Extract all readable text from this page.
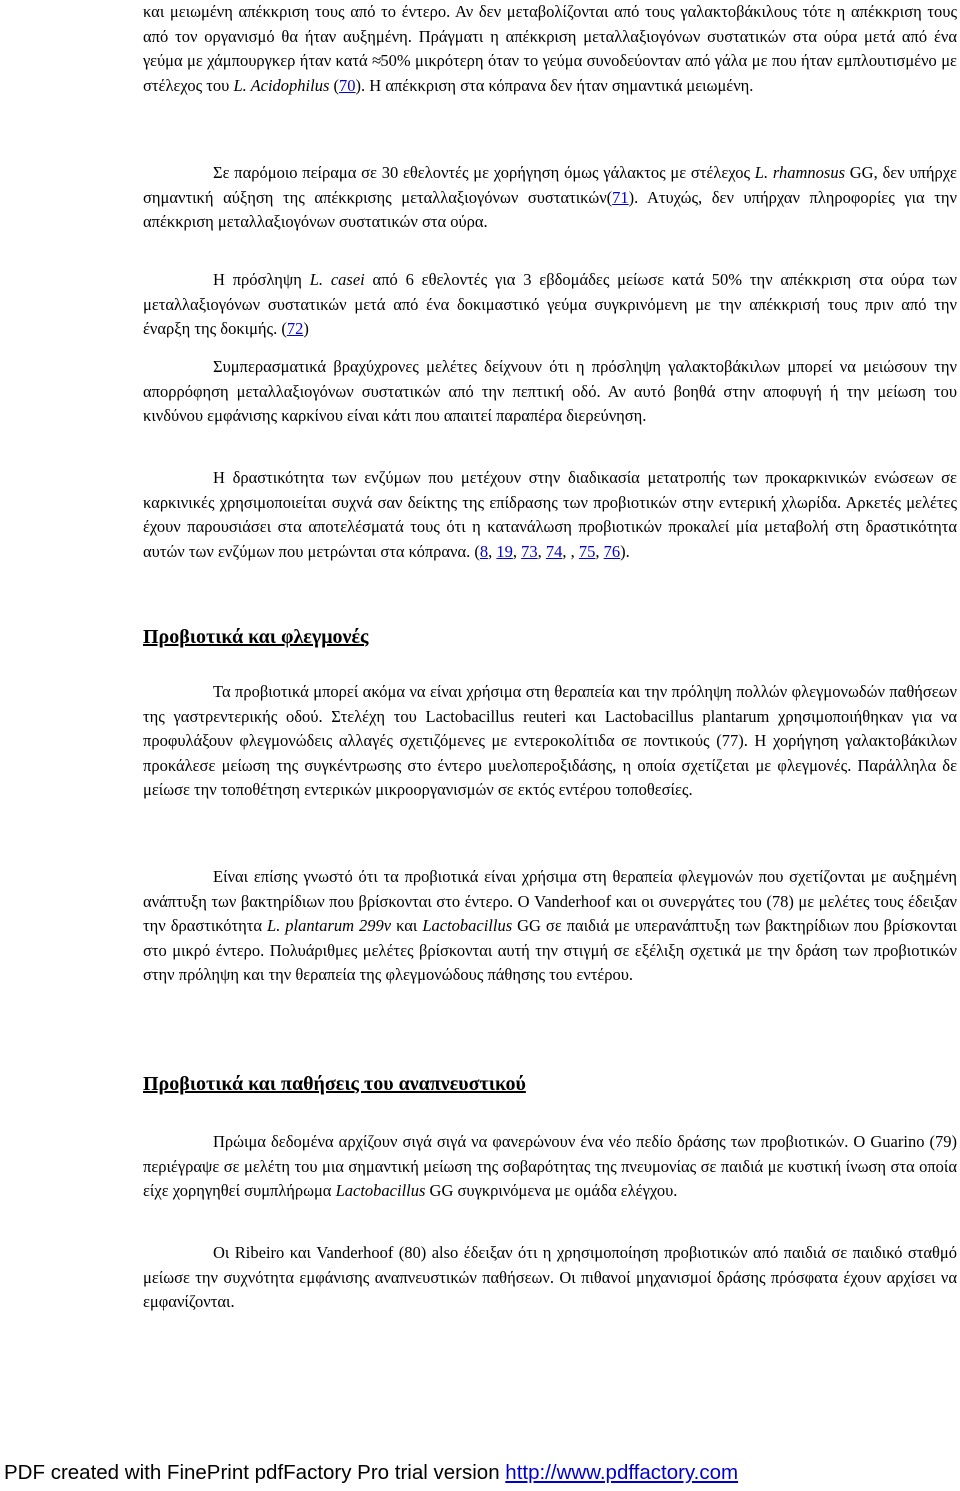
και μειωμένη απέκκριση τους από το έντερο. Αν δεν μεταβολίζονται από τους γαλακτοβάκιλους τότε η απέκκριση τους από τον οργανισμό θα ήταν αυξημένη. Πράγματι η απέκκριση μεταλλαξιογόνων συστατικών στα ούρα μετά από ένα γεύμα με χάμπουργκερ ήταν κατά ≈50% μικρότερη όταν το γεύμα συνοδεύονταν από γάλα με που ήταν εμπλουτισμένο με στέλεχος του L. Acidophilus (70). Η απέκκριση στα κόπρανα δεν ήταν σημαντικά μειωμένη.

Σε παρόμοιο πείραμα σε 30 εθελοντές με χορήγηση όμως γάλακτος με στέλεχος L. rhamnosus GG, δεν υπήρχε σημαντική αύξηση της απέκκρισης μεταλλαξιογόνων συστατικών(71). Ατυχώς, δεν υπήρχαν πληροφορίες για την απέκκριση μεταλλαξιογόνων συστατικών στα ούρα.

Η πρόσληψη L. casei από 6 εθελοντές για 3 εβδομάδες μείωσε κατά 50% την απέκκριση στα ούρα των μεταλλαξιογόνων συστατικών μετά από ένα δοκιμαστικό γεύμα συγκρινόμενη με την απέκκρισή τους πριν από την έναρξη της δοκιμής. (72)

Συμπερασματικά βραχύχρονες μελέτες δείχνουν ότι η πρόσληψη γαλακτοβάκιλων μπορεί να μειώσουν την απορρόφηση μεταλλαξιογόνων συστατικών από την πεπτική οδό. Αν αυτό βοηθά στην αποφυγή ή την μείωση του κινδύνου εμφάνισης καρκίνου είναι κάτι που απαιτεί παραπέρα διερεύνηση.

Η δραστικότητα των ενζύμων που μετέχουν στην διαδικασία μετατροπής των προκαρκινικών ενώσεων σε καρκινικές χρησιμοποιείται συχνά σαν δείκτης της επίδρασης των προβιοτικών στην εντερική χλωρίδα. Αρκετές μελέτες έχουν παρουσιάσει στα αποτελέσματά τους ότι η κατανάλωση προβιοτικών προκαλεί μία μεταβολή στη δραστικότητα αυτών των ενζύμων που μετρώνται στα κόπρανα. (8, 19, 73, 74, , 75, 76).

Προβιοτικά και φλεγμονές

Τα προβιοτικά μπορεί ακόμα να είναι χρήσιμα στη θεραπεία και την πρόληψη πολλών φλεγμονωδών παθήσεων της γαστρεντερικής οδού. Στελέχη του Lactobacillus reuteri και Lactobacillus plantarum χρησιμοποιήθηκαν για να προφυλάξουν φλεγμονώδεις αλλαγές σχετιζόμενες με εντεροκολίτιδα σε ποντικούς (77). Η χορήγηση γαλακτοβάκιλων προκάλεσε μείωση της συγκέντρωσης στο έντερο μυελοπεροξιδάσης, η οποία σχετίζεται με φλεγμονές. Παράλληλα δε μείωσε την τοποθέτηση εντερικών μικροοργανισμών σε εκτός εντέρου τοποθεσίες.

Είναι επίσης γνωστό ότι τα προβιοτικά είναι χρήσιμα στη θεραπεία φλεγμονών που σχετίζονται με αυξημένη ανάπτυξη των βακτηρίδιων που βρίσκονται στο έντερο. Ο Vanderhoof και οι συνεργάτες του (78) με μελέτες τους έδειξαν την δραστικότητα L. plantarum 299v και Lactobacillus GG σε παιδιά με υπερανάπτυξη των βακτηρίδιων που βρίσκονται στο μικρό έντερο. Πολυάριθμες μελέτες βρίσκονται αυτή την στιγμή σε εξέλιξη σχετικά με την δράση των προβιοτικών στην πρόληψη και την θεραπεία της φλεγμονώδους πάθησης του εντέρου.

Προβιοτικά και παθήσεις του αναπνευστικού

Πρώιμα δεδομένα αρχίζουν σιγά σιγά να φανερώνουν ένα νέο πεδίο δράσης των προβιοτικών. Ο Guarino (79) περιέγραψε σε μελέτη του μια σημαντική μείωση της σοβαρότητας της πνευμονίας σε παιδιά με κυστική ίνωση στα οποία είχε χορηγηθεί συμπλήρωμα Lactobacillus GG συγκρινόμενα με ομάδα ελέγχου.

Οι Ribeiro και Vanderhoof (80) also έδειξαν ότι η χρησιμοποίηση προβιοτικών από παιδιά σε παιδικό σταθμό μείωσε την συχνότητα εμφάνισης αναπνευστικών παθήσεων. Οι πιθανοί μηχανισμοί δράσης πρόσφατα έχουν αρχίσει να εμφανίζονται.

PDF created with FinePrint pdfFactory Pro trial version http://www.pdffactory.com
